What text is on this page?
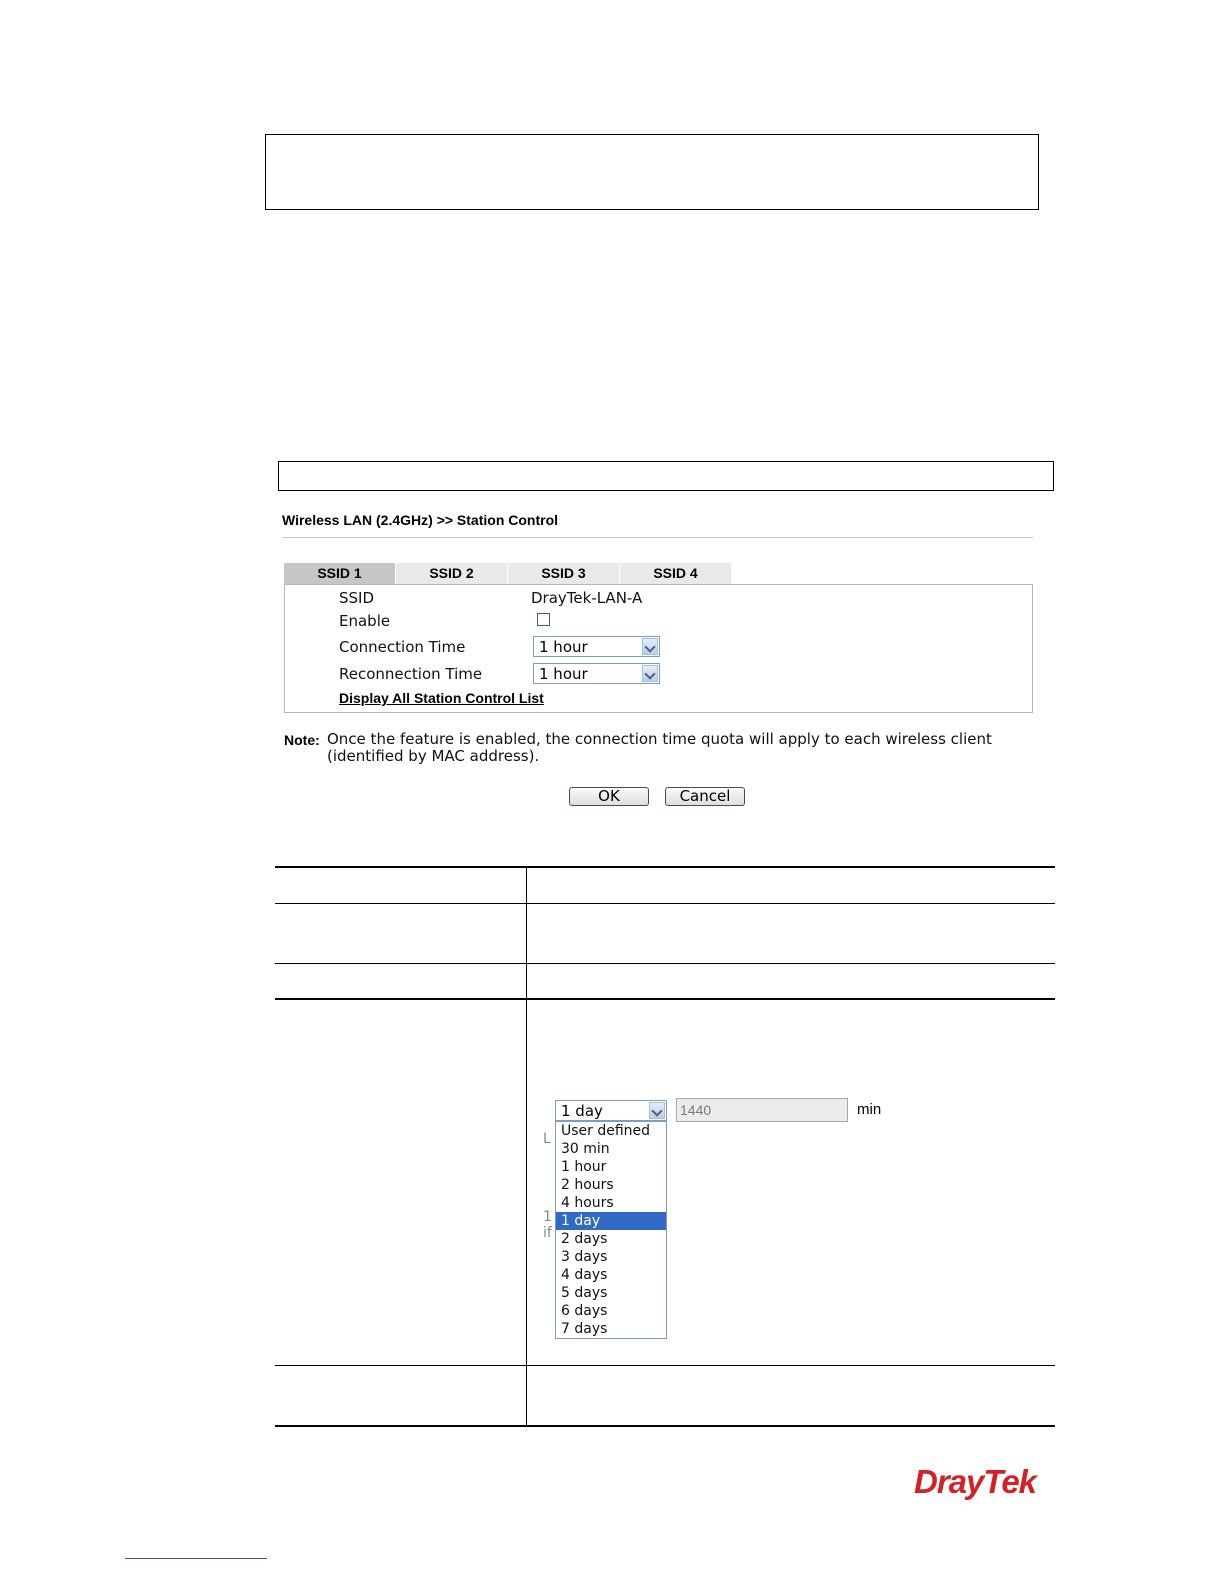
Wireless LAN (2.4GHz) >> Station Control
SSID 1	SSID 2	SSID 3	SSID 4
SSID	DrayTek-LAN-A
Enable
Connection Time	1 hour
Reconnection Time	1 hour
Display All Station Control List
Note: Once the feature is enabled, the connection time quota will apply to each wireless client (identified by MAC address).
OK	Cancel
1 day	1440	min
L
1
if
User defined
30 min
1 hour
2 hours
4 hours
1 day
2 days
3 days
4 days
5 days
6 days
7 days
DrayTek
